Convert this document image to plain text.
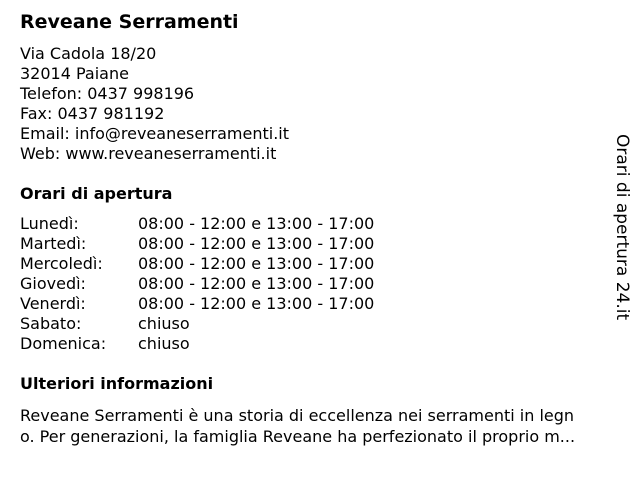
Reveane Serramenti
Via Cadola 18/20
32014 Paiane
Telefon: 0437 998196
Fax: 0437 981192
Email: info@reveaneserramenti.it
Web: www.reveaneserramenti.it
Orari di apertura
Lunedì:	08:00 - 12:00 e 13:00 - 17:00
Martedì:	08:00 - 12:00 e 13:00 - 17:00
Mercoledì: 08:00 - 12:00 e 13:00 - 17:00
Giovedì:	08:00 - 12:00 e 13:00 - 17:00
Venerdì:	08:00 - 12:00 e 13:00 - 17:00
Sabato:	chiuso
Domenica: chiuso
Ulteriori informazioni
Reveane Serramenti è una storia di eccellenza nei serramenti in legn
o. Per generazioni, la famiglia Reveane ha perfezionato il proprio m...
Orari di apertura 24.it
